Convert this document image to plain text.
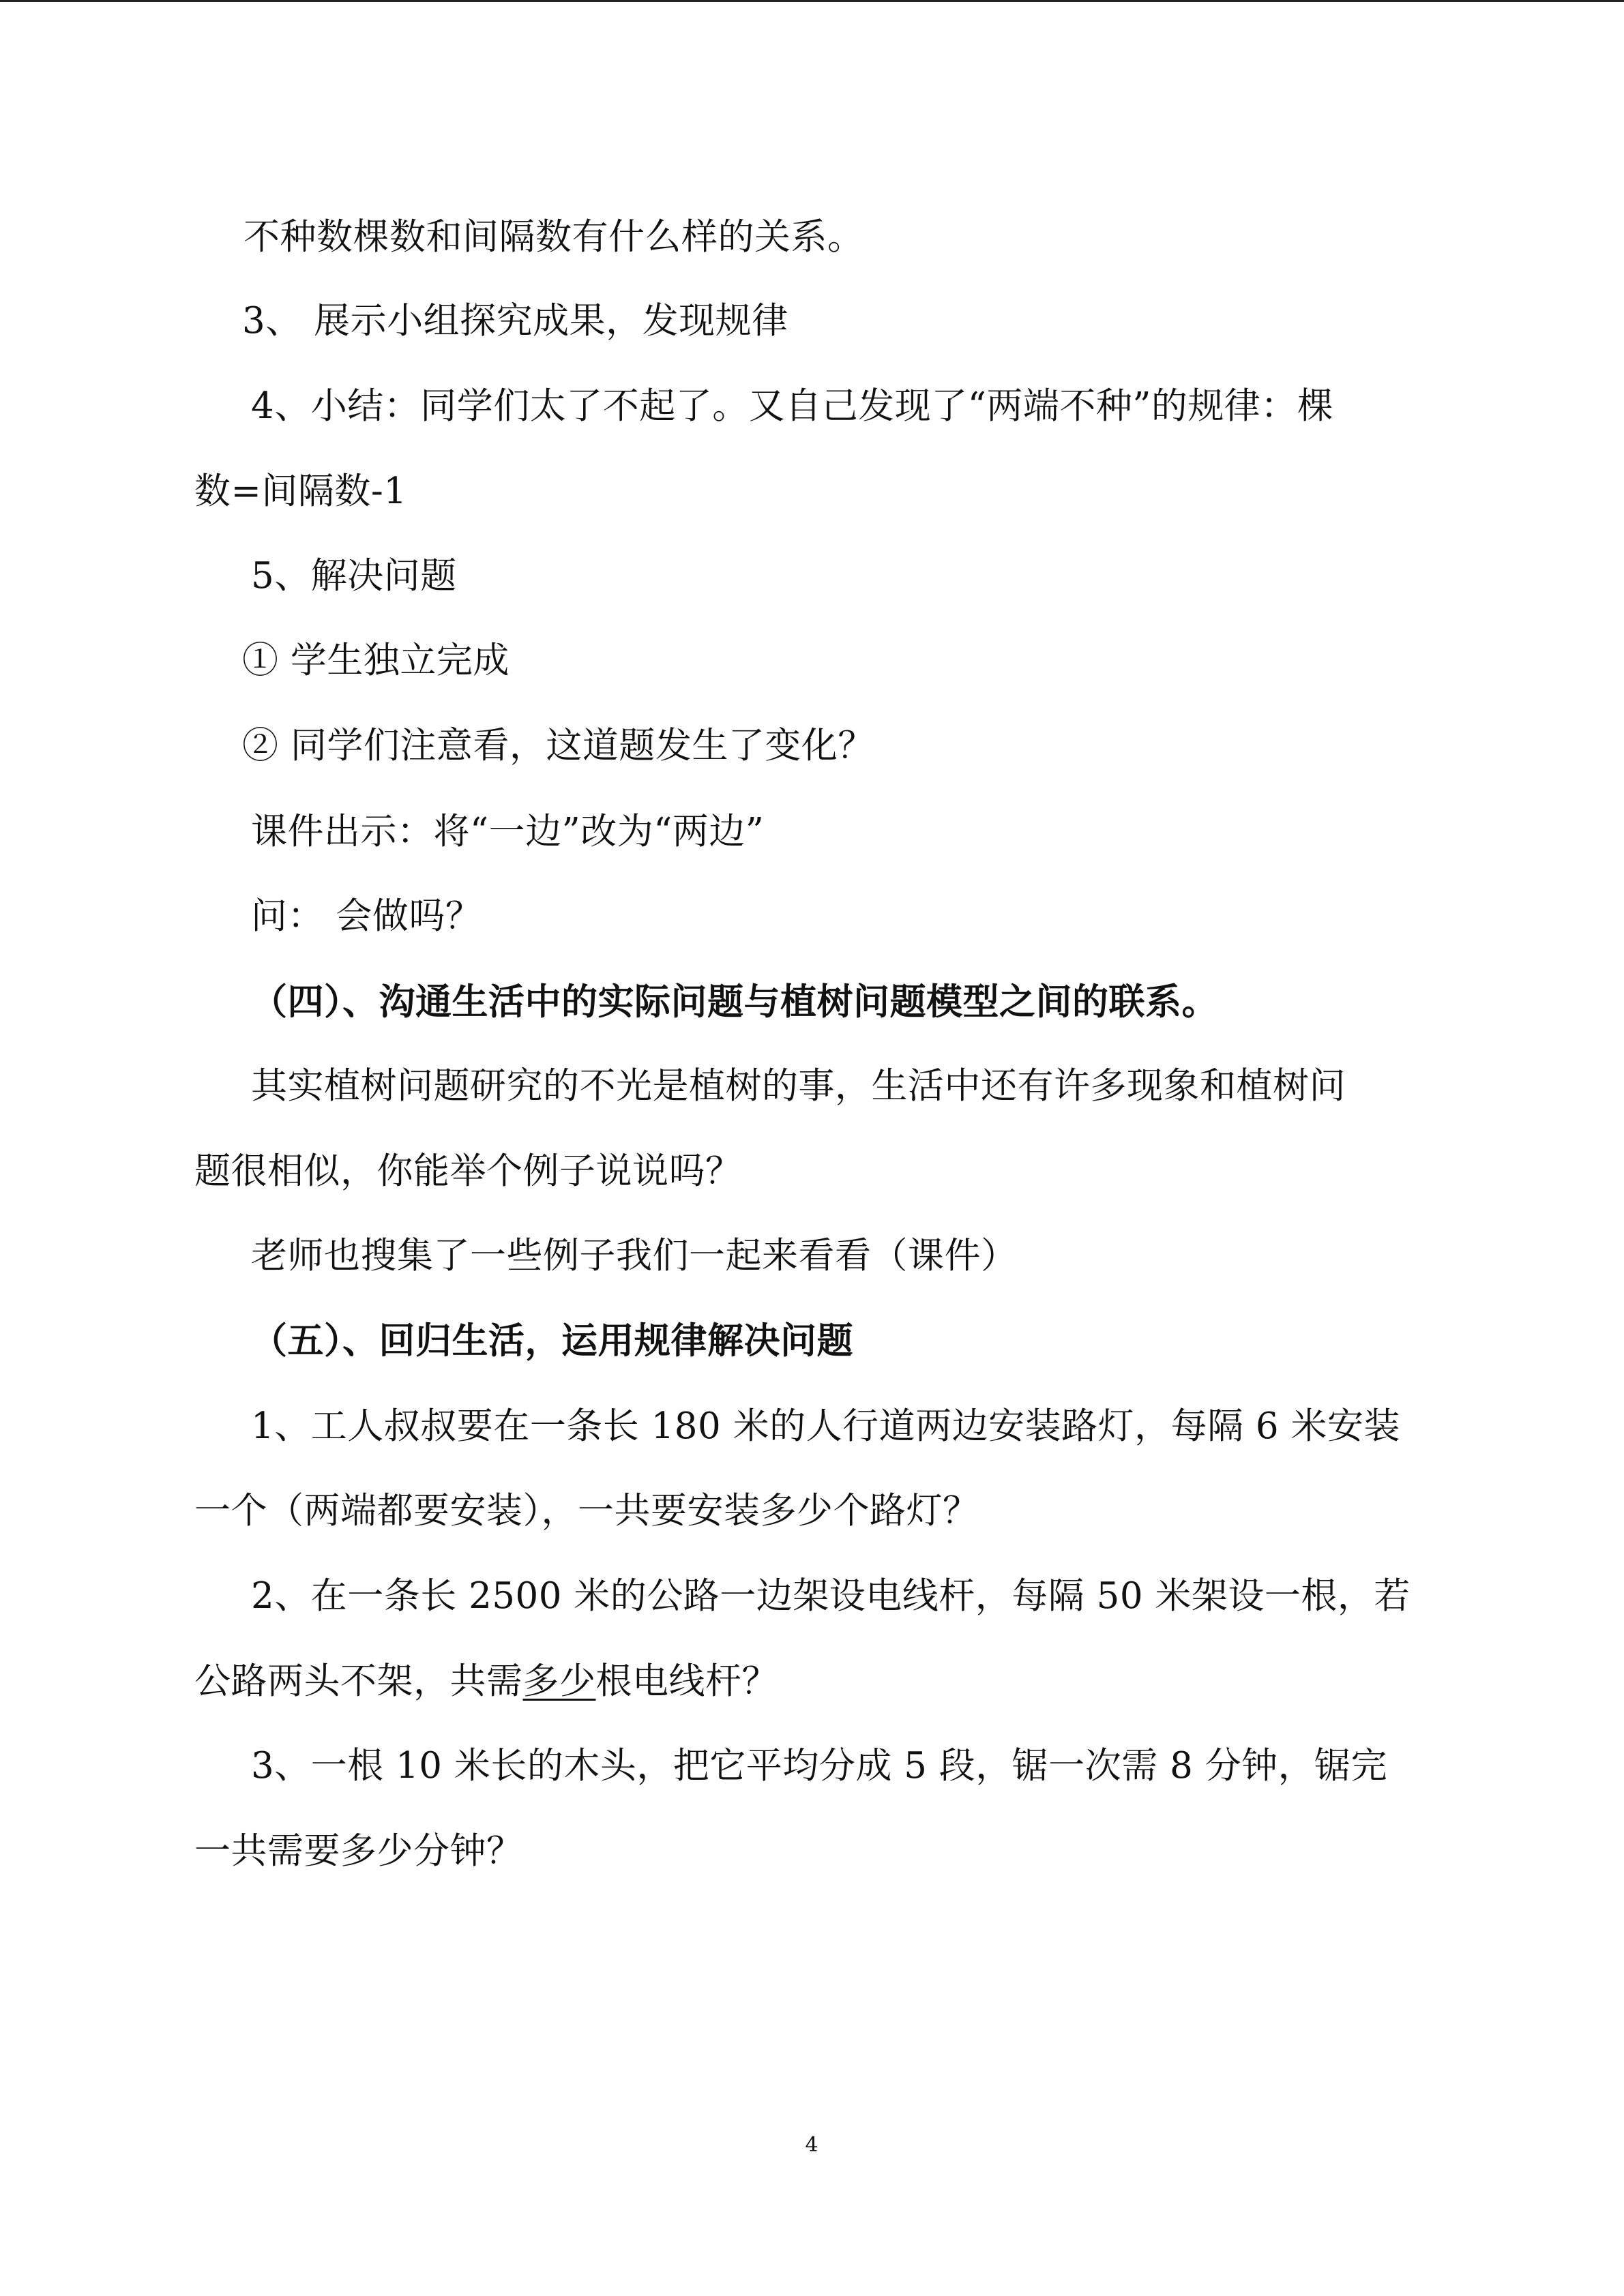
不种数棵数和间隔数有什么样的关系。
3、 展示小组探究成果，发现规律
4、小结：同学们太了不起了。又自己发现了“两端不种”的规律：棵
数=间隔数-1
5、解决问题
① 学生独立完成
② 同学们注意看，这道题发生了变化？
课件出示：将“一边”改为“两边”
问： 会做吗？
（四）、沟通生活中的实际问题与植树问题模型之间的联系。
其实植树问题研究的不光是植树的事，生活中还有许多现象和植树问
题很相似，你能举个例子说说吗？
老师也搜集了一些例子我们一起来看看（课件）
（五）、回归生活，运用规律解决问题
1、工人叔叔要在一条长 180 米的人行道两边安装路灯，每隔 6 米安装
一个（两端都要安装），一共要安装多少个路灯？
2、在一条长 2500 米的公路一边架设电线杆，每隔 50 米架设一根，若
公路两头不架，共需多少根电线杆？
3、一根 10 米长的木头，把它平均分成 5 段，锯一次需 8 分钟，锯完
一共需要多少分钟？
4
